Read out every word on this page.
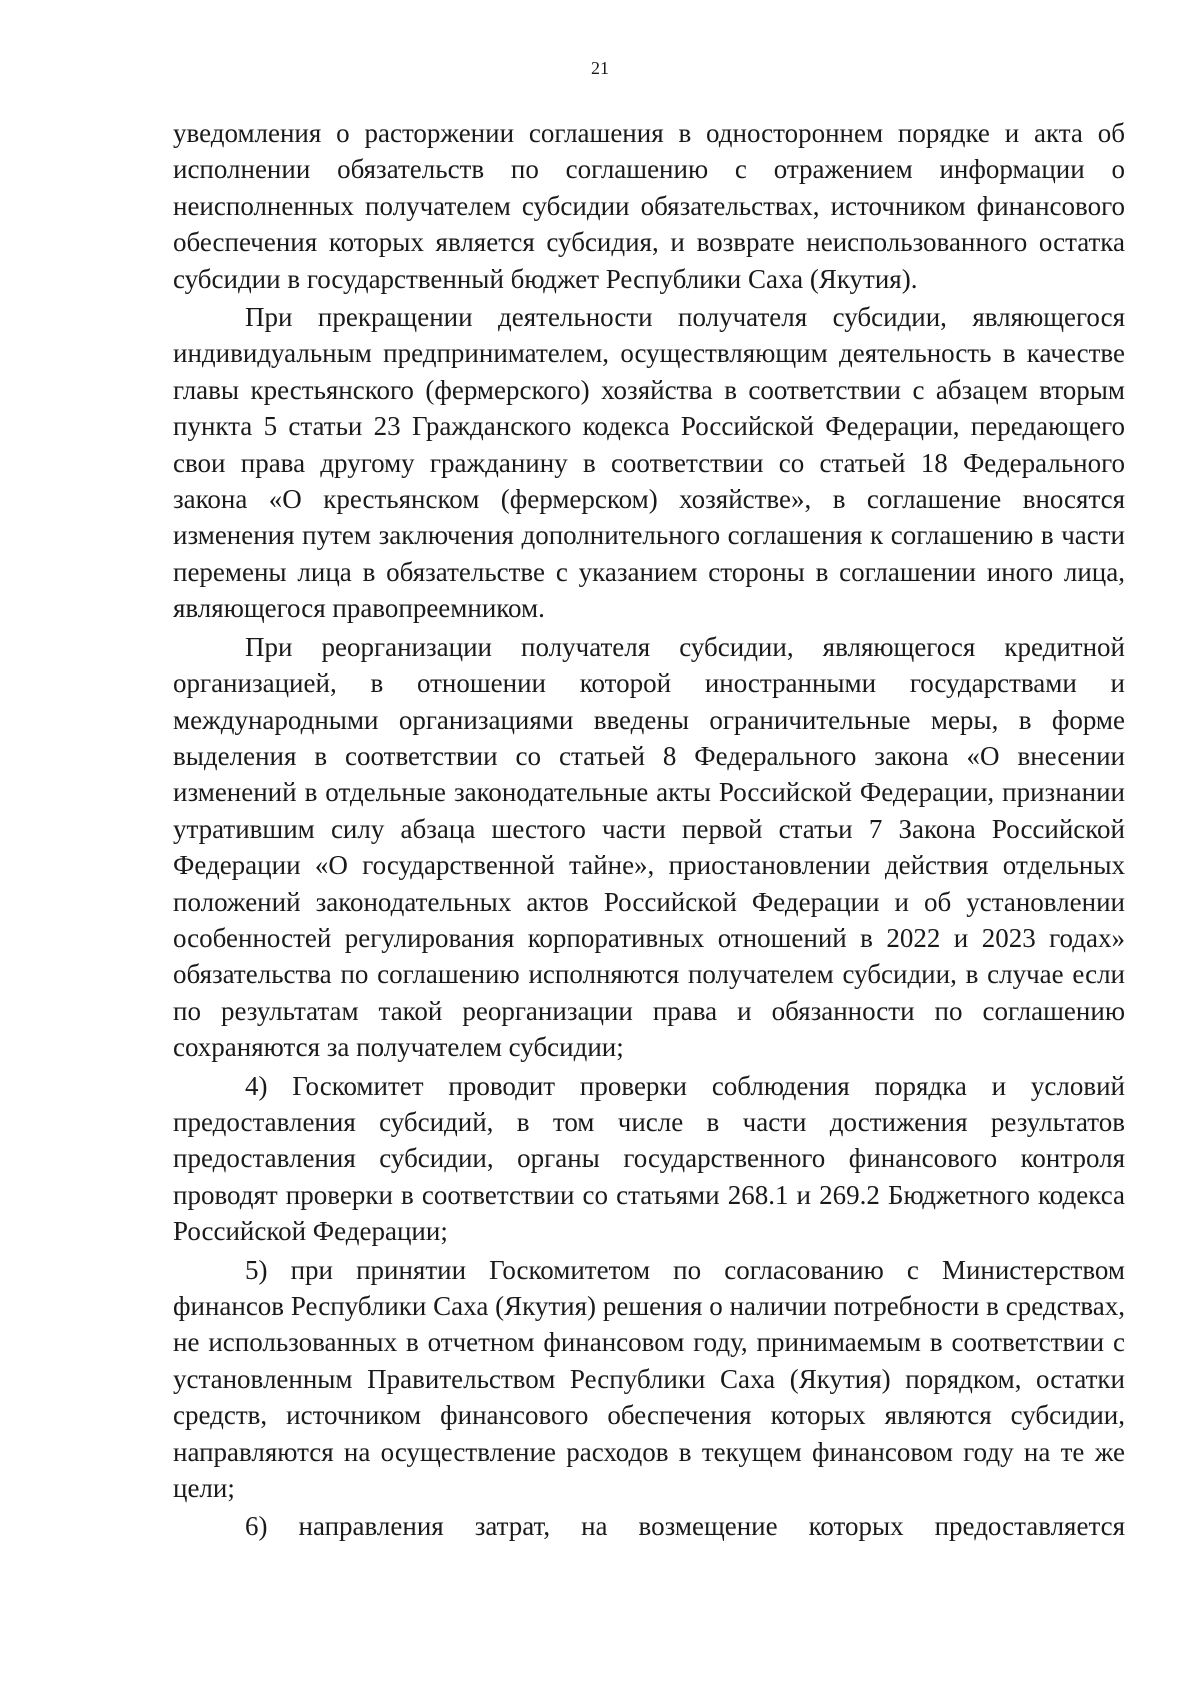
21

уведомления о расторжении соглашения в одностороннем порядке и акта об исполнении обязательств по соглашению с отражением информации о неисполненных получателем субсидии обязательствах, источником финансового обеспечения которых является субсидия, и возврате неиспользованного остатка субсидии в государственный бюджет Республики Саха (Якутия).

При прекращении деятельности получателя субсидии, являющегося индивидуальным предпринимателем, осуществляющим деятельность в качестве главы крестьянского (фермерского) хозяйства в соответствии с абзацем вторым пункта 5 статьи 23 Гражданского кодекса Российской Федерации, передающего свои права другому гражданину в соответствии со статьей 18 Федерального закона «О крестьянском (фермерском) хозяйстве», в соглашение вносятся изменения путем заключения дополнительного соглашения к соглашению в части перемены лица в обязательстве с указанием стороны в соглашении иного лица, являющегося правопреемником.

При реорганизации получателя субсидии, являющегося кредитной организацией, в отношении которой иностранными государствами и международными организациями введены ограничительные меры, в форме выделения в соответствии со статьей 8 Федерального закона «О внесении изменений в отдельные законодательные акты Российской Федерации, признании утратившим силу абзаца шестого части первой статьи 7 Закона Российской Федерации «О государственной тайне», приостановлении действия отдельных положений законодательных актов Российской Федерации и об установлении особенностей регулирования корпоративных отношений в 2022 и 2023 годах» обязательства по соглашению исполняются получателем субсидии, в случае если по результатам такой реорганизации права и обязанности по соглашению сохраняются за получателем субсидии;

4) Госкомитет проводит проверки соблюдения порядка и условий предоставления субсидий, в том числе в части достижения результатов предоставления субсидии, органы государственного финансового контроля проводят проверки в соответствии со статьями 268.1 и 269.2 Бюджетного кодекса Российской Федерации;

5) при принятии Госкомитетом по согласованию с Министерством финансов Республики Саха (Якутия) решения о наличии потребности в средствах, не использованных в отчетном финансовом году, принимаемым в соответствии с установленным Правительством Республики Саха (Якутия) порядком, остатки средств, источником финансового обеспечения которых являются субсидии, направляются на осуществление расходов в текущем финансовом году на те же цели;

6) направления затрат, на возмещение которых предоставляется
